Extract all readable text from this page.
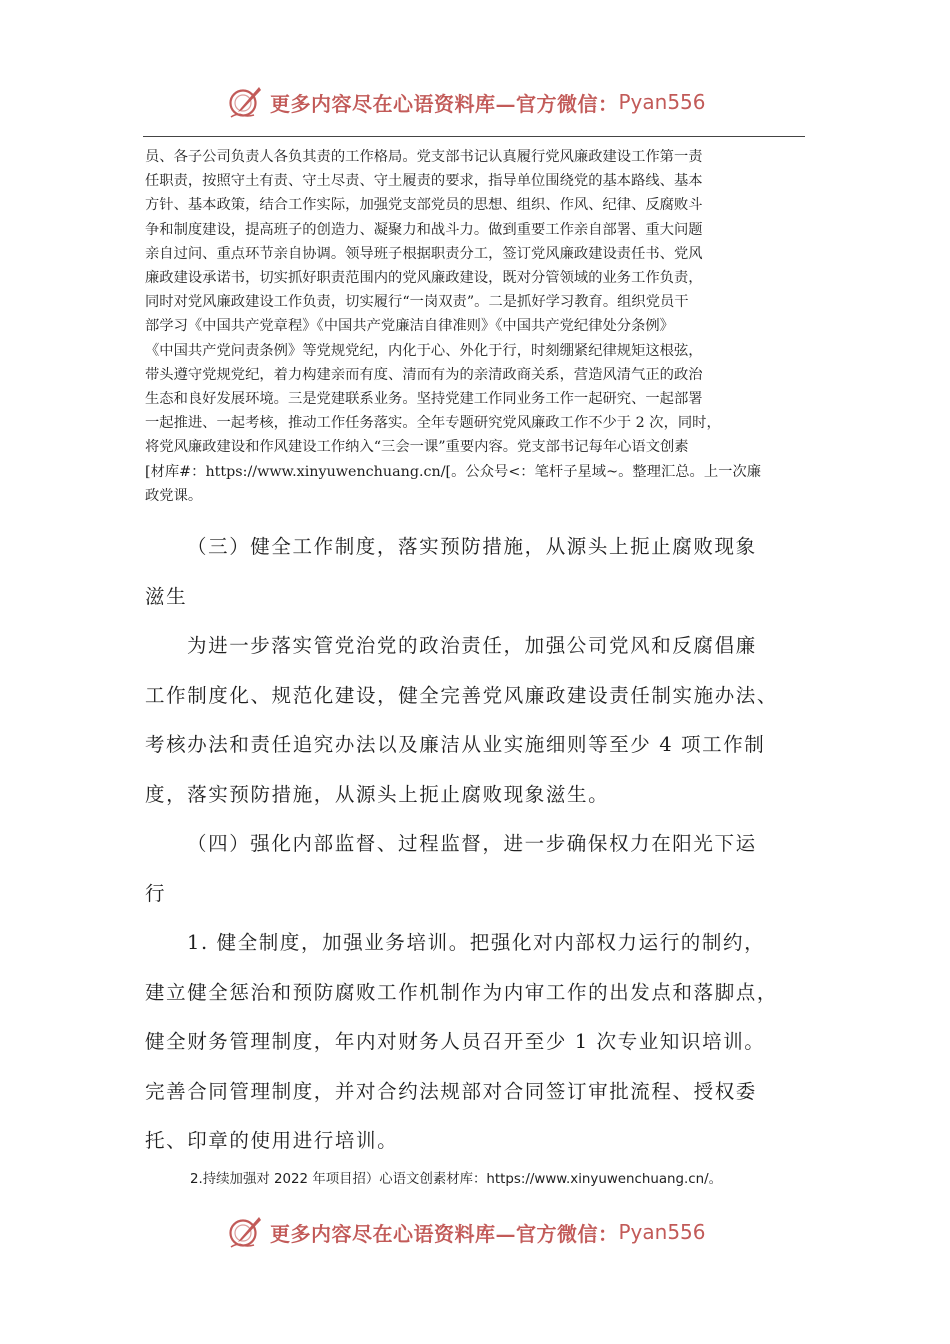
更多内容尽在心语资料库—官方微信： Pyan556

员、各子公司负责人各负其责的工作格局。党支部书记认真履行党风廉政建设工作第一责

任职责，按照守土有责、守土尽责、守土履责的要求，指导单位围绕党的基本路线、基本

方针、基本政策，结合工作实际，加强党支部党员的思想、组织、作风、纪律、反腐败斗

争和制度建设，提高班子的创造力、凝聚力和战斗力。做到重要工作亲自部署、重大问题

亲自过问、重点环节亲自协调。领导班子根据职责分工，签订党风廉政建设责任书、党风

廉政建设承诺书，切实抓好职责范围内的党风廉政建设，既对分管领域的业务工作负责，

同时对党风廉政建设工作负责，切实履行“一岗双责”。二是抓好学习教育。组织党员干

部学习《中国共产党章程》《中国共产党廉洁自律准则》《中国共产党纪律处分条例》

《中国共产党问责条例》等党规党纪，内化于心、外化于行，时刻绷紧纪律规矩这根弦，

带头遵守党规党纪，着力构建亲而有度、清而有为的亲清政商关系，营造风清气正的政治

生态和良好发展环境。三是党建联系业务。坚持党建工作同业务工作一起研究、一起部署

一起推进、一起考核，推动工作任务落实。全年专题研究党风廉政工作不少于 2 次，同时，

将党风廉政建设和作风建设工作纳入“三会一课”重要内容。党支部书记每年心语文创素

[材库#：https://www.xinyuwenchuang.cn/[。公众号<：笔杆子星域~。整理汇总。上一次廉

政党课。

（三）健全工作制度，落实预防措施，从源头上扼止腐败现象

滋生

为进一步落实管党治党的政治责任，加强公司党风和反腐倡廉

工作制度化、规范化建设，健全完善党风廉政建设责任制实施办法、

考核办法和责任追究办法以及廉洁从业实施细则等至少 4 项工作制

度，落实预防措施，从源头上扼止腐败现象滋生。

（四）强化内部监督、过程监督，进一步确保权力在阳光下运

行

1. 健全制度，加强业务培训。把强化对内部权力运行的制约，

建立健全惩治和预防腐败工作机制作为内审工作的出发点和落脚点，

健全财务管理制度，年内对财务人员召开至少 1 次专业知识培训。

完善合同管理制度，并对合约法规部对合同签订审批流程、授权委

托、印章的使用进行培训。

2.持续加强对 2022 年项目招）心语文创素材库：https://www.xinyuwenchuang.cn/。
更多内容尽在心语资料库—官方微信： Pyan556
